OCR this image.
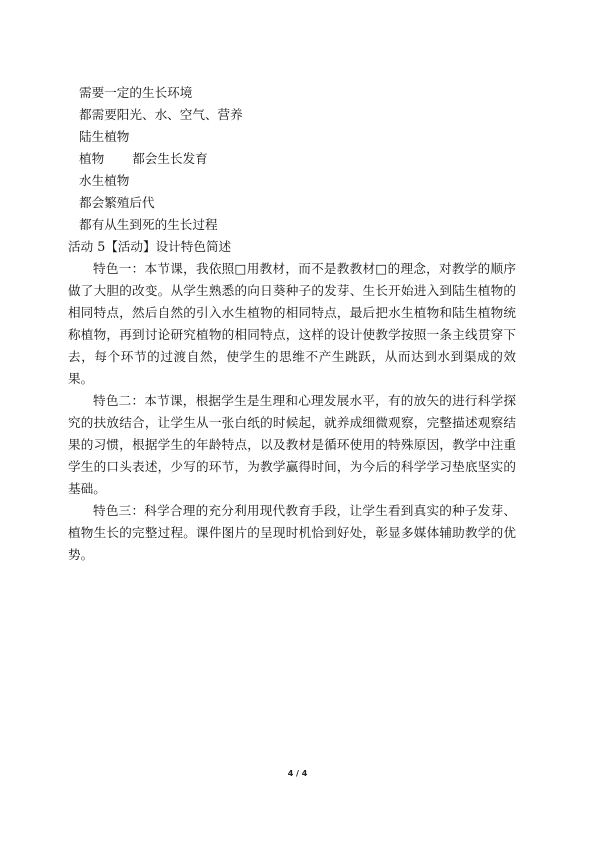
需要一定的生长环境
都需要阳光、水、空气、营养
陆生植物
植物 都会生长发育
水生植物
都会繁殖后代
都有从生到死的生长过程
活动 5【活动】设计特色简述
特色一：本节课，我依照□用教材，而不是教教材□的理念，对教学的顺序做了大胆的改变。从学生熟悉的向日葵种子的发芽、生长开始进入到陆生植物的相同特点，然后自然的引入水生植物的相同特点，最后把水生植物和陆生植物统称植物，再到讨论研究植物的相同特点，这样的设计使教学按照一条主线贯穿下去，每个环节的过渡自然，使学生的思维不产生跳跃，从而达到水到渠成的效果。
特色二：本节课，根据学生是生理和心理发展水平，有的放矢的进行科学探究的扶放结合，让学生从一张白纸的时候起，就养成细微观察，完整描述观察结果的习惯，根据学生的年龄特点，以及教材是循环使用的特殊原因，教学中注重学生的口头表述，少写的环节，为教学赢得时间，为今后的科学学习垫底坚实的基础。
特色三：科学合理的充分利用现代教育手段，让学生看到真实的种子发芽、植物生长的完整过程。课件图片的呈现时机恰到好处，彰显多媒体辅助教学的优势。
4 / 4
